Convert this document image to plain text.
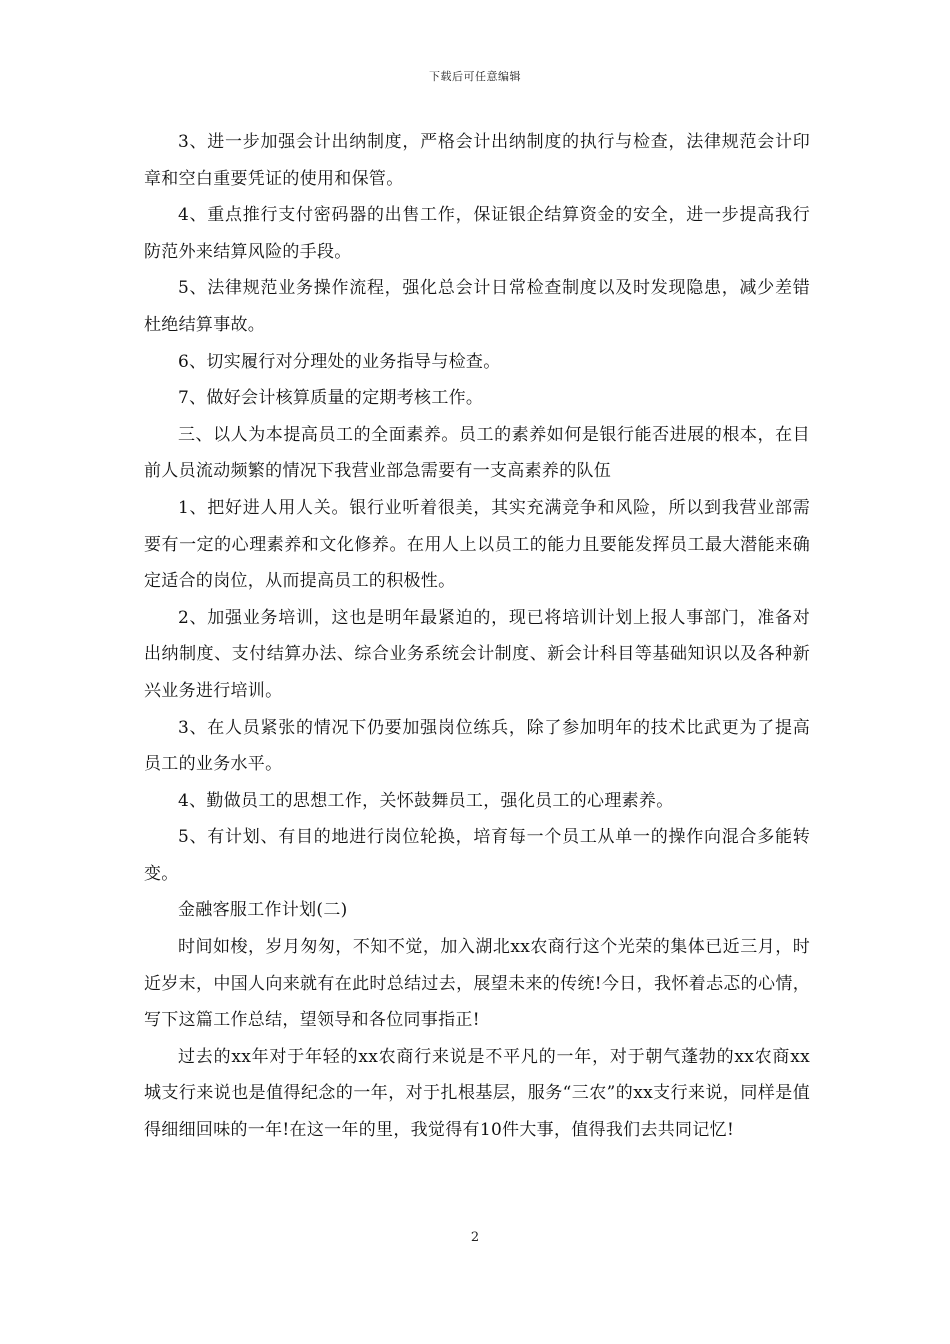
下载后可任意编辑

3、进一步加强会计出纳制度，严格会计出纳制度的执行与检查，法律规范会计印章和空白重要凭证的使用和保管。

4、重点推行支付密码器的出售工作，保证银企结算资金的安全，进一步提高我行防范外来结算风险的手段。

5、法律规范业务操作流程，强化总会计日常检查制度以及时发现隐患，减少差错杜绝结算事故。

6、切实履行对分理处的业务指导与检查。

7、做好会计核算质量的定期考核工作。

三、以人为本提高员工的全面素养。员工的素养如何是银行能否进展的根本，在目前人员流动频繁的情况下我营业部急需要有一支高素养的队伍

1、把好进人用人关。银行业听着很美，其实充满竞争和风险，所以到我营业部需要有一定的心理素养和文化修养。在用人上以员工的能力且要能发挥员工最大潜能来确定适合的岗位，从而提高员工的积极性。

2、加强业务培训，这也是明年最紧迫的，现已将培训计划上报人事部门，准备对出纳制度、支付结算办法、综合业务系统会计制度、新会计科目等基础知识以及各种新兴业务进行培训。

3、在人员紧张的情况下仍要加强岗位练兵，除了参加明年的技术比武更为了提高员工的业务水平。

4、勤做员工的思想工作，关怀鼓舞员工，强化员工的心理素养。

5、有计划、有目的地进行岗位轮换，培育每一个员工从单一的操作向混合多能转变。

金融客服工作计划(二)

时间如梭，岁月匆匆，不知不觉，加入湖北xx农商行这个光荣的集体已近三月，时近岁末，中国人向来就有在此时总结过去，展望未来的传统!今日，我怀着忐忑的心情，写下这篇工作总结，望领导和各位同事指正!

过去的xx年对于年轻的xx农商行来说是不平凡的一年，对于朝气蓬勃的xx农商xx城支行来说也是值得纪念的一年，对于扎根基层，服务“三农”的xx支行来说，同样是值得细细回味的一年!在这一年的里，我觉得有10件大事，值得我们去共同记忆!

2
